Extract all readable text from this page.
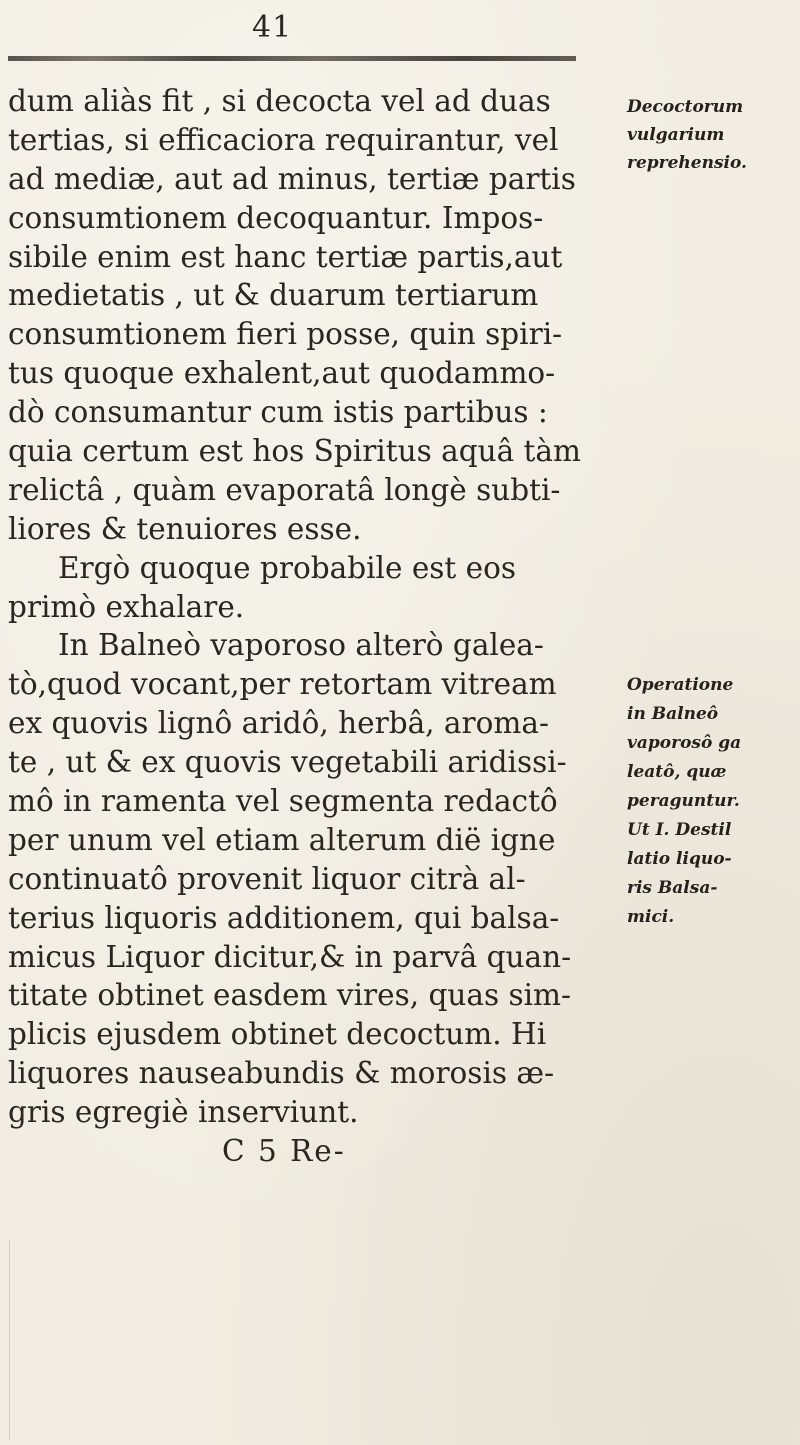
41
dum aliàs fit , si decocta vel ad duas
tertias, si efficaciora requirantur, vel
ad mediæ, aut ad minus, tertiæ partis
consumtionem decoquantur. Impos-
sibile enim est hanc tertiæ partis,aut
medietatis , ut & duarum tertiarum
consumtionem fieri posse, quin spiri-
tus quoque exhalent,aut quodammo-
dò consumantur cum istis partibus :
quia certum est hos Spiritus aquâ tàm
relictâ , quàm evaporatâ longè subti-
liores & tenuiores esse.
Ergò quoque probabile est eos
primò exhalare.
In Balneò vaporoso alterò galea-
tò,quod vocant,per retortam vitream
ex quovis lignô aridô, herbâ, aroma-
te , ut & ex quovis vegetabili aridissi-
mô in ramenta vel segmenta redactô
per unum vel etiam alterum dië igne
continuatô provenit liquor citrà al-
terius liquoris additionem, qui balsa-
micus Liquor dicitur,& in parvâ quan-
titate obtinet easdem vires, quas sim-
plicis ejusdem obtinet decoctum. Hi
liquores nauseabundis & morosis æ-
gris egregiè inserviunt.
C 5 Re-
Decoctorum
vulgarium
reprehensio.
Operatione
in Balneô
vaporosô ga
leatô, quæ
peraguntur.
Ut I. Destil
latio liquo-
ris Balsa-
mici.
